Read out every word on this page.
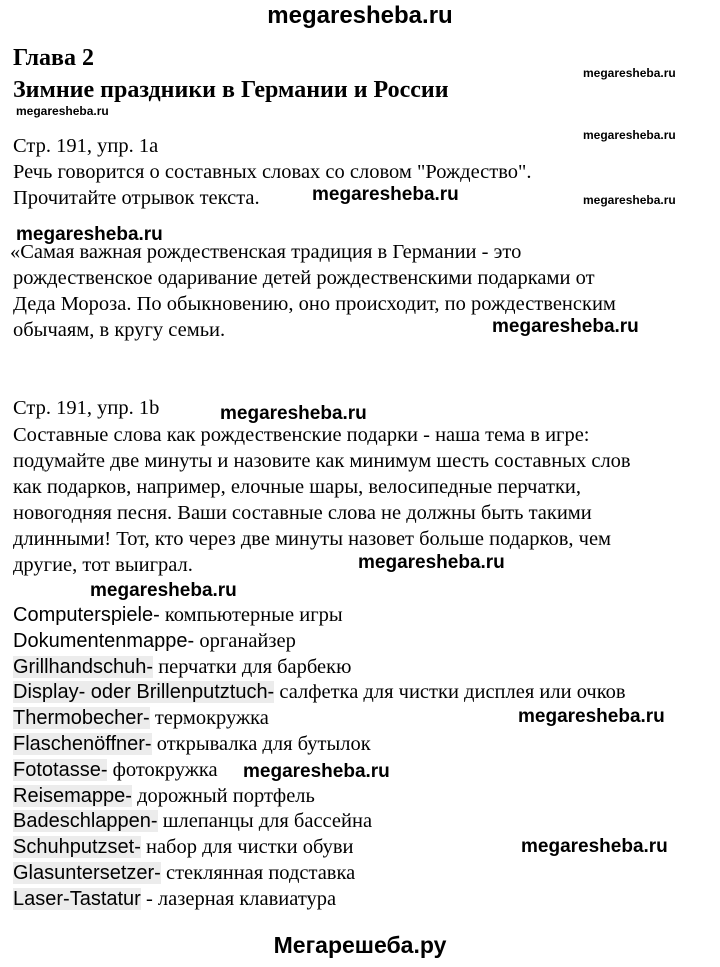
megaresheba.ru
Глава 2
Зимние праздники в Германии и России
megaresheba.ru
megaresheba.ru
megaresheba.ru
megaresheba.ru
Стр. 191, упр. 1a
Речь говорится о составных словах со словом "Рождество".
Прочитайте отрывок текста.	megaresheba.ru
megaresheba.ru
«Самая важная рождественская традиция в Германии - это
рождественское одаривание детей рождественскими подарками от
Деда Мороза. По обыкновению, оно происходит, по рождественским
обычаям, в кругу семьи.	megaresheba.ru
Стр. 191, упр. 1b	megaresheba.ru
Составные слова как рождественские подарки - наша тема в игре:
подумайте две минуты и назовите как минимум шесть составных слов
как подарков, например, елочные шары, велосипедные перчатки,
новогодняя песня. Ваши составные слова не должны быть такими
длинными! Тот, кто через две минуты назовет больше подарков, чем
другие, тот выиграл.	megaresheba.ru
megaresheba.ru
Computerspiele- компьютерные игры
Dokumentenmappe- органайзер
Grillhandschuh- перчатки для барбекю
Display- oder Brillenputztuch- салфетка для чистки дисплея или очков
Thermobecher- термокружка
Flaschenöffner- открывалка для бутылок
Fototasse- фотокружка
Reisemappe- дорожный портфель
Badeschlappen- шлепанцы для бассейна
Schuhputzset- набор для чистки обуви
Glasuntersetzer- стеклянная подставка
Laser-Tastatur - лазерная клавиатура
megaresheba.ru
megaresheba.ru
megaresheba.ru
Мегарешеба.ру
